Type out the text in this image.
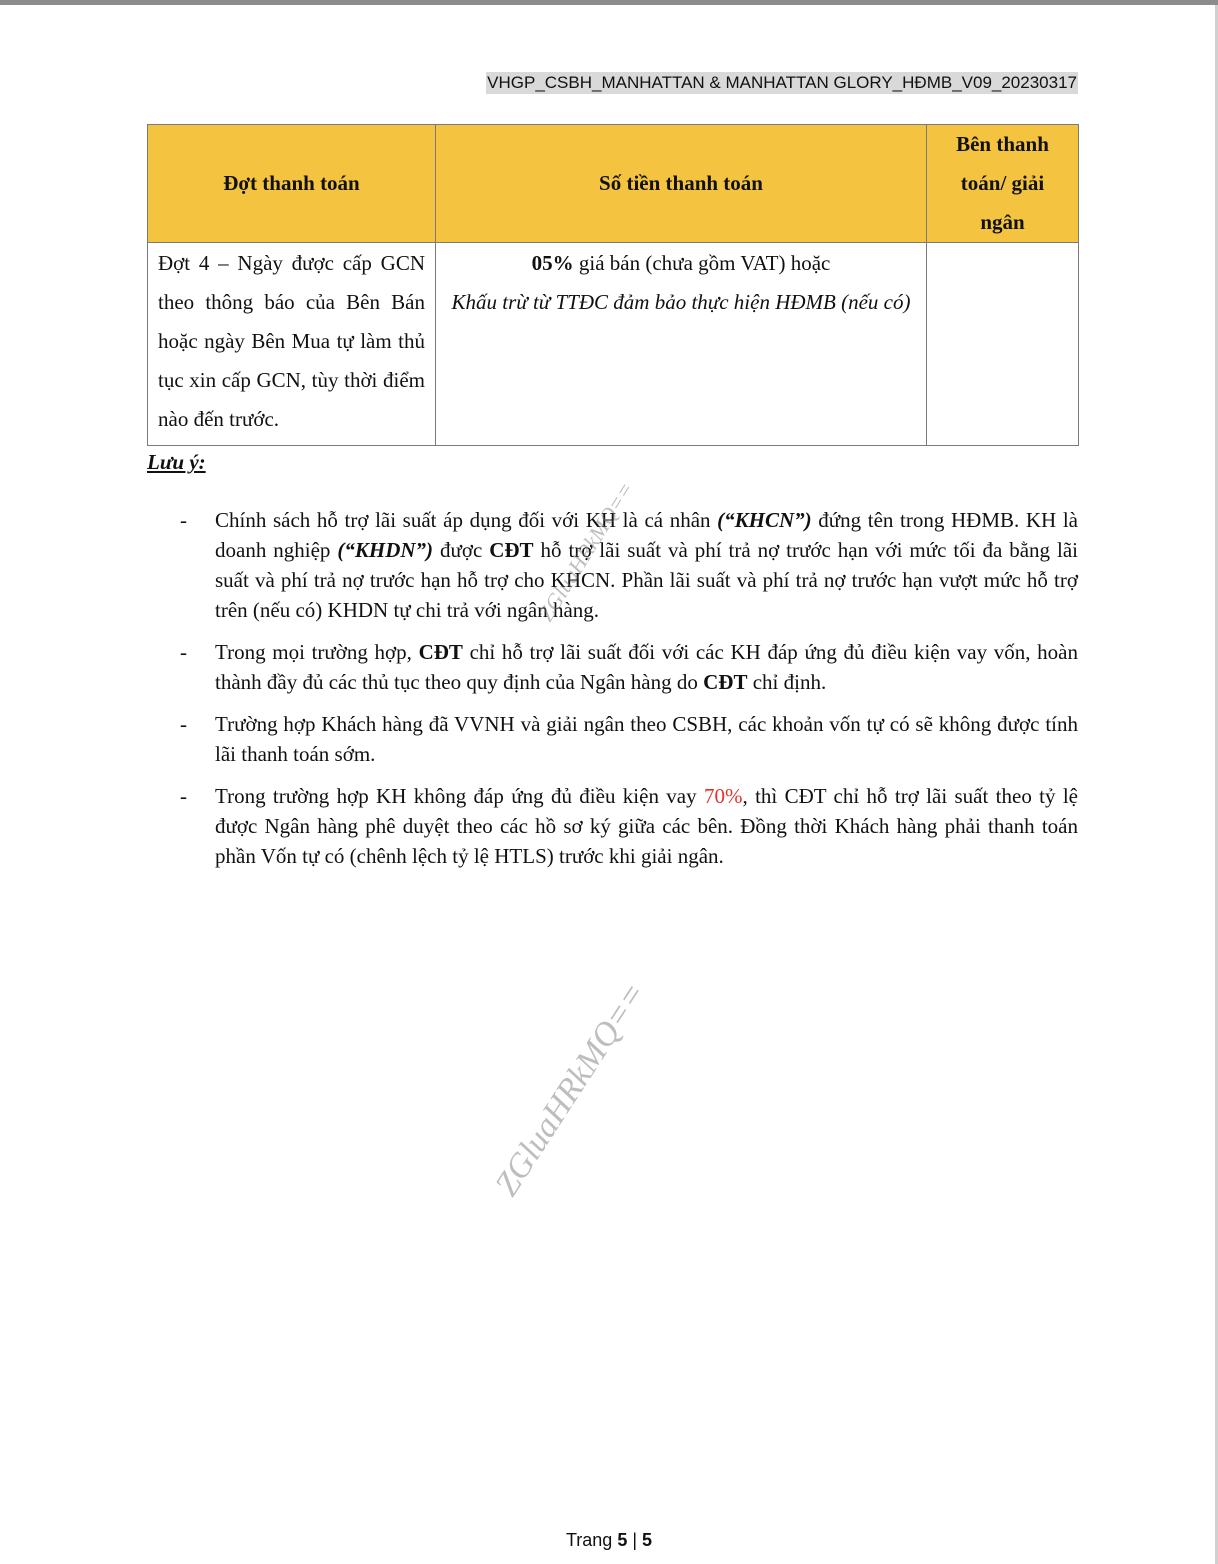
VHGP_CSBH_MANHATTAN & MANHATTAN GLORY_HĐMB_V09_20230317
Đợt thanh toán	Số tiền thanh toán	Bên thanh toán/ giải ngân
Đợt 4 – Ngày được cấp GCN theo thông báo của Bên Bán hoặc ngày Bên Mua tự làm thủ tục xin cấp GCN, tùy thời điểm nào đến trước.	05% giá bán (chưa gồm VAT) hoặc
Khấu trừ từ TTĐC đảm bảo thực hiện HĐMB (nếu có)	
Lưu ý:
- Chính sách hỗ trợ lãi suất áp dụng đối với KH là cá nhân (“KHCN”) đứng tên trong HĐMB. KH là doanh nghiệp (“KHDN”) được CĐT hỗ trợ lãi suất và phí trả nợ trước hạn với mức tối đa bằng lãi suất và phí trả nợ trước hạn hỗ trợ cho KHCN. Phần lãi suất và phí trả nợ trước hạn vượt mức hỗ trợ trên (nếu có) KHDN tự chi trả với ngân hàng.
- Trong mọi trường hợp, CĐT chỉ hỗ trợ lãi suất đối với các KH đáp ứng đủ điều kiện vay vốn, hoàn thành đầy đủ các thủ tục theo quy định của Ngân hàng do CĐT chỉ định.
- Trường hợp Khách hàng đã VVNH và giải ngân theo CSBH, các khoản vốn tự có sẽ không được tính lãi thanh toán sớm.
- Trong trường hợp KH không đáp ứng đủ điều kiện vay 70%, thì CĐT chỉ hỗ trợ lãi suất theo tỷ lệ được Ngân hàng phê duyệt theo các hồ sơ ký giữa các bên. Đồng thời Khách hàng phải thanh toán phần Vốn tự có (chênh lệch tỷ lệ HTLS) trước khi giải ngân.
ZGluaHRkMQ==
ZGluaHRkMQ==
Trang 5 | 5
